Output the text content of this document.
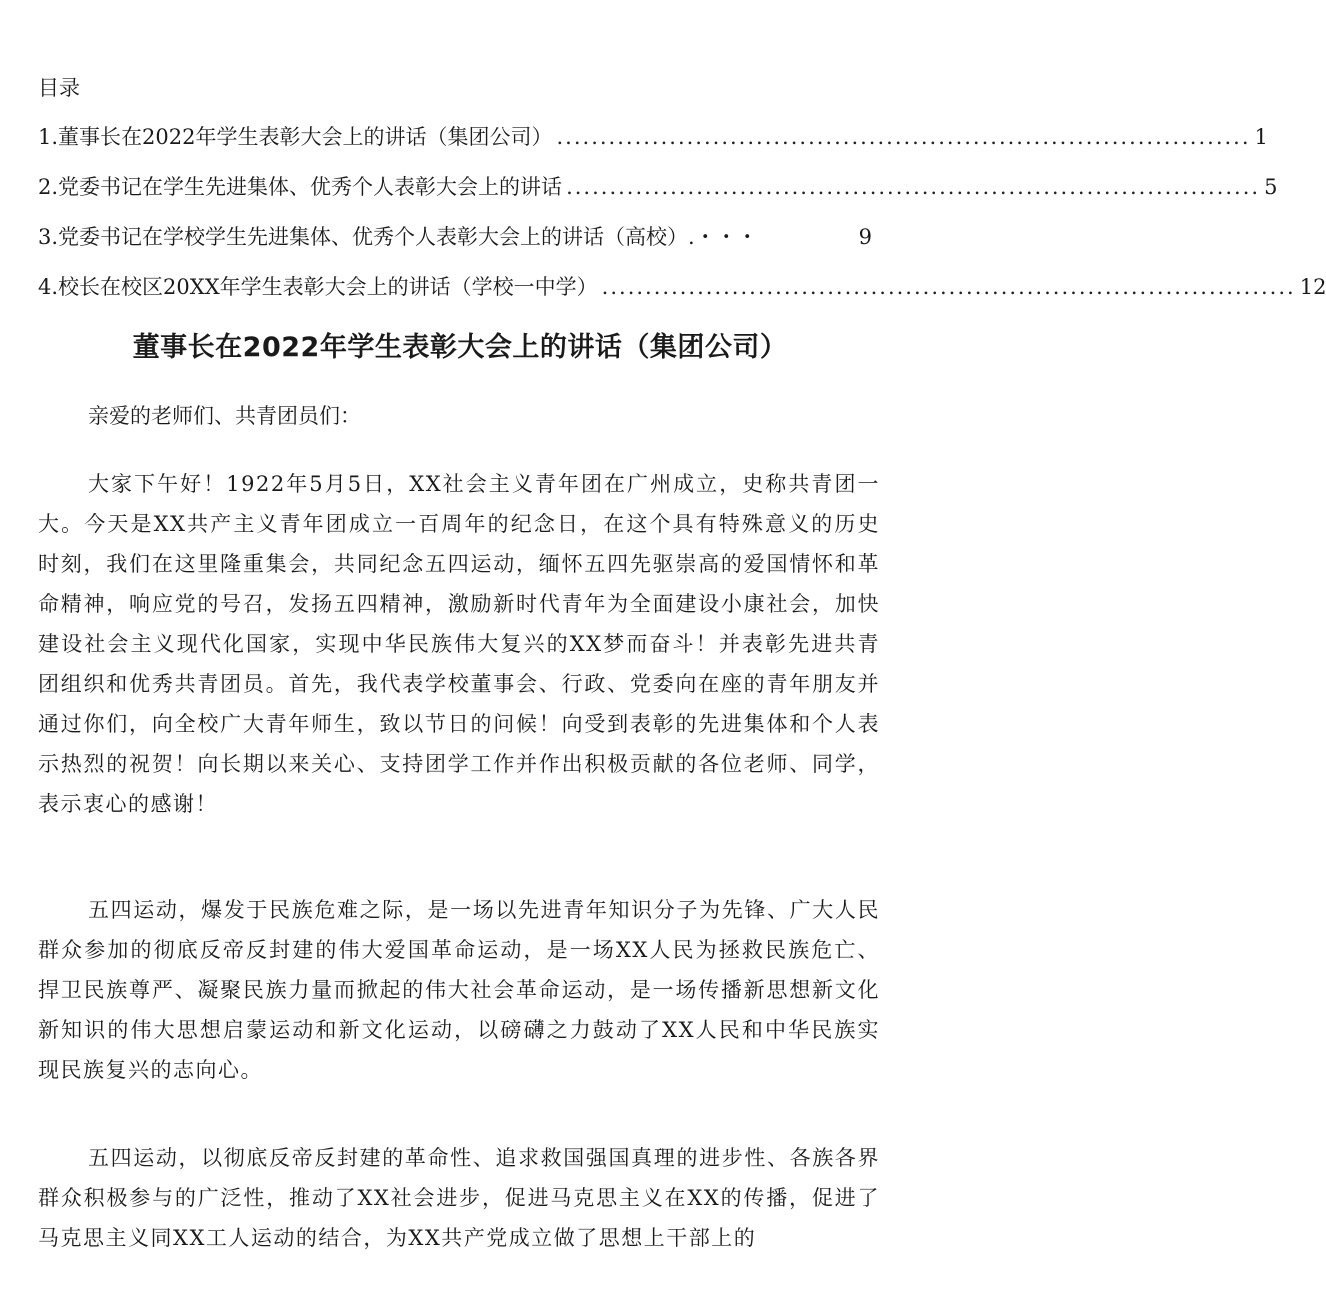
目录
1. 董事长在2022年学生表彰大会上的讲话（集团公司） ................................................................................ 1
2 .党委书记在学生先进集体、优秀个人表彰大会上的讲话 ................................................................................ 5
3 .党委书记在学校学生先进集体、优秀个人表彰大会上的讲话（高校）.・・・	9
4 .校长在校区20XX年学生表彰大会上的讲话（学校一中学） ................................................................................ 12
董事长在2022年学生表彰大会上的讲话（集团公司）
亲爱的老师们、共青团员们：

大家下午好！1922年5月5日，XX社会主义青年团在广州成立，史称共青团一大。今天是XX共产主义青年团成立一百周年的纪念日，在这个具有特殊意义的历史时刻，我们在这里隆重集会，共同纪念五四运动，缅怀五四先驱崇高的爱国情怀和革命精神，响应党的号召，发扬五四精神，激励新时代青年为全面建设小康社会，加快建设社会主义现代化国家，实现中华民族伟大复兴的XX梦而奋斗！并表彰先进共青团组织和优秀共青团员。首先，我代表学校董事会、行政、党委向在座的青年朋友并通过你们，向全校广大青年师生，致以节日的问候！向受到表彰的先进集体和个人表示热烈的祝贺！向长期以来关心、支持团学工作并作出积极贡献的各位老师、同学，表示衷心的感谢！

五四运动，爆发于民族危难之际，是一场以先进青年知识分子为先锋、广大人民群众参加的彻底反帝反封建的伟大爱国革命运动，是一场XX人民为拯救民族危亡、捍卫民族尊严、凝聚民族力量而掀起的伟大社会革命运动，是一场传播新思想新文化新知识的伟大思想启蒙运动和新文化运动，以磅礴之力鼓动了XX人民和中华民族实现民族复兴的志向心。

五四运动，以彻底反帝反封建的革命性、追求救国强国真理的进步性、各族各界群众积极参与的广泛性，推动了XX社会进步，促进马克思主义在XX的传播，促进了马克思主义同XX工人运动的结合，为XX共产党成立做了思想上干部上的
